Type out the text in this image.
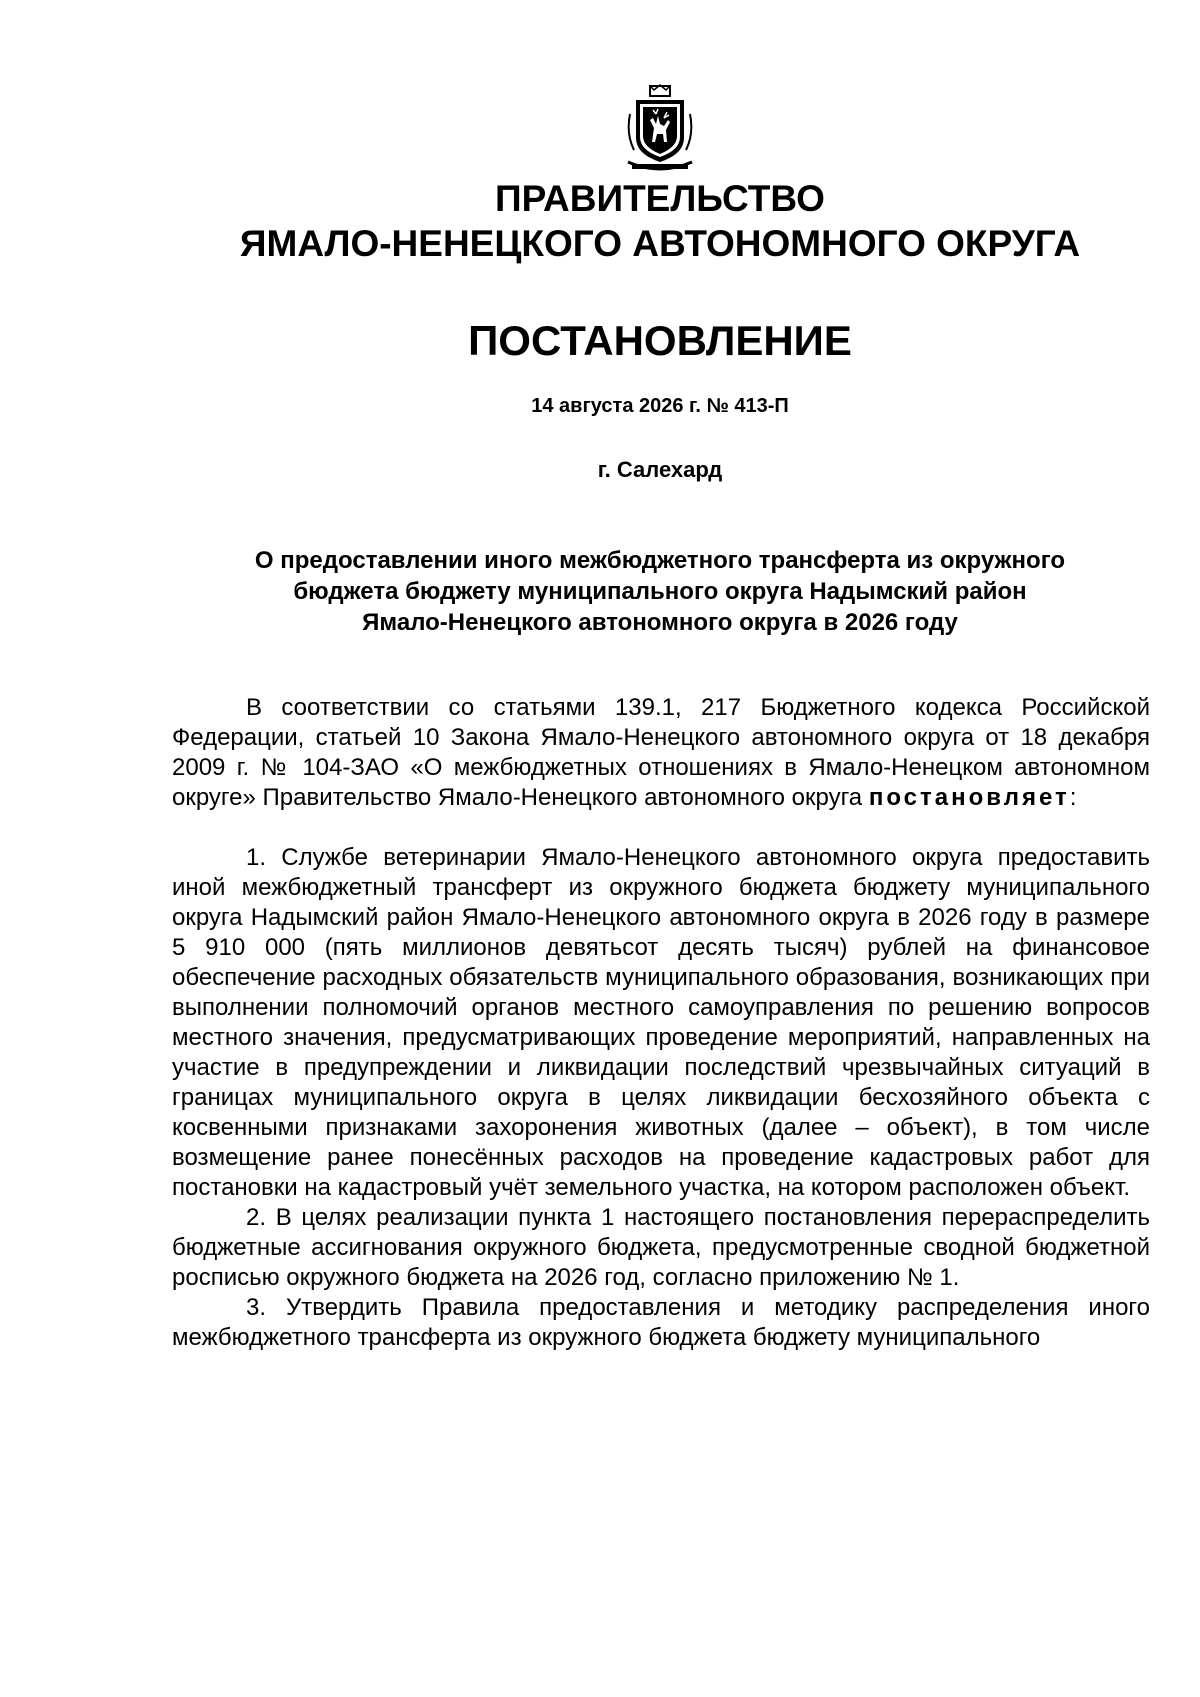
ПРАВИТЕЛЬСТВО
ЯМАЛО-НЕНЕЦКОГО АВТОНОМНОГО ОКРУГА
ПОСТАНОВЛЕНИЕ
14 августа 2026 г. № 413-П
г. Салехард
О предоставлении иного межбюджетного трансферта из окружного
бюджета бюджету муниципального округа Надымский район
Ямало-Ненецкого автономного округа в 2026 году

В соответствии со статьями 139.1, 217 Бюджетного кодекса Российской Федерации, статьей 10 Закона Ямало-Ненецкого автономного округа от 18 декабря 2009 г. № 104-ЗАО «О межбюджетных отношениях в Ямало-Ненецком автономном округе» Правительство Ямало-Ненецкого автономного округа постановляет:

1. Службе ветеринарии Ямало-Ненецкого автономного округа предоставить иной межбюджетный трансферт из окружного бюджета бюджету муниципального округа Надымский район Ямало-Ненецкого автономного округа в 2026 году в размере 5 910 000 (пять миллионов девятьсот десять тысяч) рублей на финансовое обеспечение расходных обязательств муниципального образования, возникающих при выполнении полномочий органов местного самоуправления по решению вопросов местного значения, предусматривающих проведение мероприятий, направленных на участие в предупреждении и ликвидации последствий чрезвычайных ситуаций в границах муниципального округа в целях ликвидации бесхозяйного объекта с косвенными признаками захоронения животных (далее – объект), в том числе возмещение ранее понесённых расходов на проведение кадастровых работ для постановки на кадастровый учёт земельного участка, на котором расположен объект.

2. В целях реализации пункта 1 настоящего постановления перераспределить бюджетные ассигнования окружного бюджета, предусмотренные сводной бюджетной росписью окружного бюджета на 2026 год, согласно приложению № 1.

3. Утвердить Правила предоставления и методику распределения иного межбюджетного трансферта из окружного бюджета бюджету муниципального
